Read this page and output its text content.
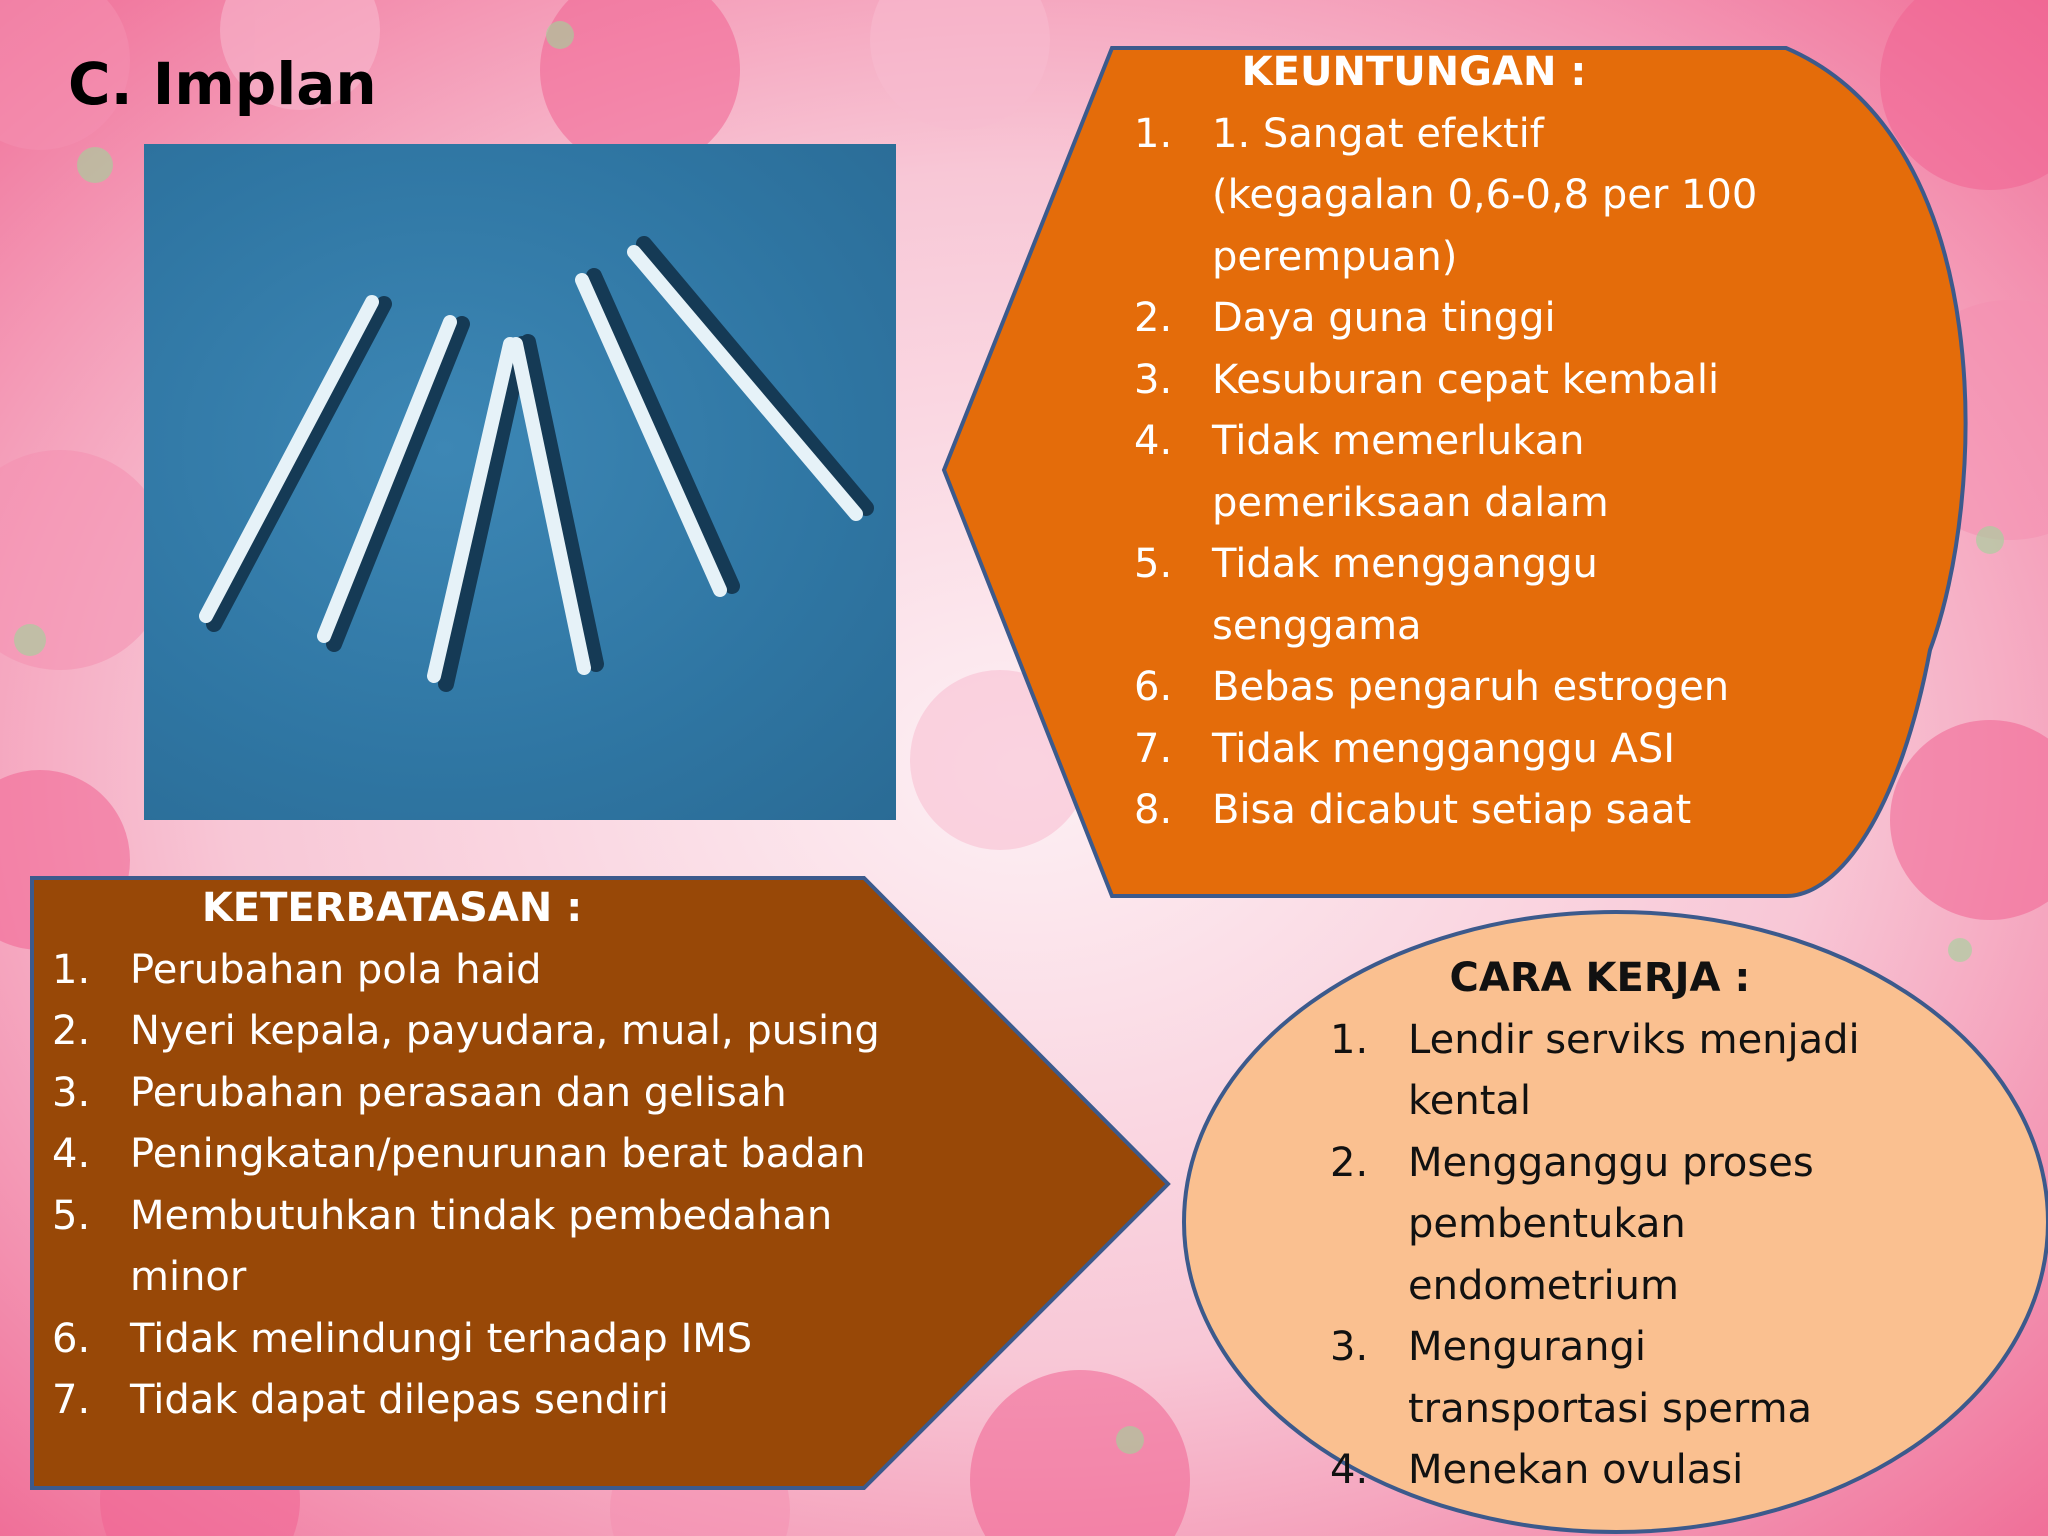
C. Implan	KEUNTUNGAN :
1. 1. Sangat efektif (kegagalan 0,6-0,8 per 100 perempuan)
2. Daya guna tinggi
3. Kesuburan cepat kembali
4. Tidak memerlukan pemeriksaan dalam
5. Tidak mengganggu senggama
6. Bebas pengaruh estrogen
7. Tidak mengganggu ASI
8. Bisa dicabut setiap saat
KETERBATASAN :
1. Perubahan pola haid
2. Nyeri kepala, payudara, mual, pusing
3. Perubahan perasaan dan gelisah
4. Peningkatan/penurunan berat badan
5. Membutuhkan tindak pembedahan minor
6. Tidak melindungi terhadap IMS
7. Tidak dapat dilepas sendiri
CARA KERJA :
1. Lendir serviks menjadi kental
2. Mengganggu proses pembentukan endometrium
3. Mengurangi transportasi sperma
4. Menekan ovulasi
